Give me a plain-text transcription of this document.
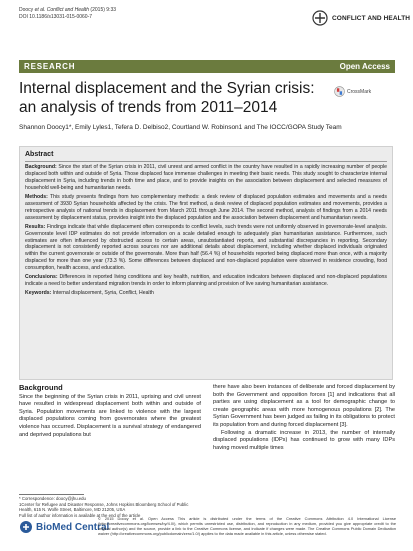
Doocy et al. Conflict and Health (2015) 9:33
DOI 10.1186/s13031-015-0060-7	CONFLICT AND HEALTH
RESEARCH	Open Access
Internal displacement and the Syrian crisis: an analysis of trends from 2011–2014
CrossMark
Shannon Doocy1*, Emily Lyles1, Tefera D. Delbiso2, Courtland W. Robinson1 and The IOCC/GOPA Study Team
Abstract

Background: Since the start of the Syrian crisis in 2011, civil unrest and armed conflict in the country have resulted in a rapidly increasing number of people displaced both within and outside of Syria. Those displaced face immense challenges in meeting their basic needs. This study sought to characterize internal displacement in Syria, including trends in both time and place, and to provide insights on the association between displacement and selected measures of household well-being and humanitarian needs.

Methods: This study presents findings from two complementary methods: a desk review of displaced population estimates and movements and a needs assessment of 3930 Syrian households affected by the crisis. The first method, a desk review of displaced population estimates and movements, provides a retrospective analysis of national trends in displacement from March 2011 through June 2014. The second method, analysis of findings from a 2014 needs assessment by displacement status, provides insight into the displaced population and the association between displacement and humanitarian needs.

Results: Findings indicate that while displacement often corresponds to conflict levels, such trends were not uniformly observed in governorate-level analysis. Governorate level IDP estimates do not provide information on a scale detailed enough to adequately plan humanitarian assistance. Furthermore, such estimates are often influenced by obstructed access to certain areas, unsubstantiated reports, and substantial discrepancies in reporting. Secondary displacement is not consistently reported across sources nor are additional details about displacement, including whether displaced individuals originated within the current governorate or outside of the governorate. More than half (56.4 %) of households reported being displaced more than once, with a majority displaced for more than one year (73.3 %). Some differences between displaced and non-displaced population were observed in residence crowding, food consumption, health access, and education.

Conclusions: Differences in reported living conditions and key health, nutrition, and education indicators between displaced and non-displaced populations indicate a need to better understand migration trends in order to inform planning and provision of live saving humanitarian assistance.

Keywords: Internal displacement, Syria, Conflict, Health

Background

Since the beginning of the Syrian crisis in 2011, uprising and civil unrest have resulted in widespread displacement both within and outside of Syria. Population movements are linked to violence with the largest displaced populations coming from governorates where the greatest violence has occurred. Displacement is a survival strategy of endangered and deprived populations but

there have also been instances of deliberate and forced displacement by both the Government and opposition forces [1] and indications that all parties are using displacement as a tool for demographic change to create geographic areas with more homogenous populations [2]. The Syrian Government has been judged as failing in its obligations to protect its population from and during forced displacement [3].

Following a dramatic increase in 2013, the number of internally displaced populations (IDPs) has continued to grow with many IDPs having moved multiple times

* Correspondence: doocy@jhu.edu
1Center for Refugee and Disaster Response, Johns Hopkins Bloomberg School of Public Health, 615 N. Wolfe Street, Baltimore, MD 21205, USA
Full list of author information is available at the end of the article
BioMed Central
© 2015 Doocy et al. Open Access This article is distributed under the terms of the Creative Commons Attribution 4.0 International License (http://creativecommons.org/licenses/by/4.0/), which permits unrestricted use, distribution, and reproduction in any medium, provided you give appropriate credit to the original author(s) and the source, provide a link to the Creative Commons license, and indicate if changes were made. The Creative Commons Public Domain Dedication waiver (http://creativecommons.org/publicdomain/zero/1.0/) applies to the data made available in this article, unless otherwise stated.
